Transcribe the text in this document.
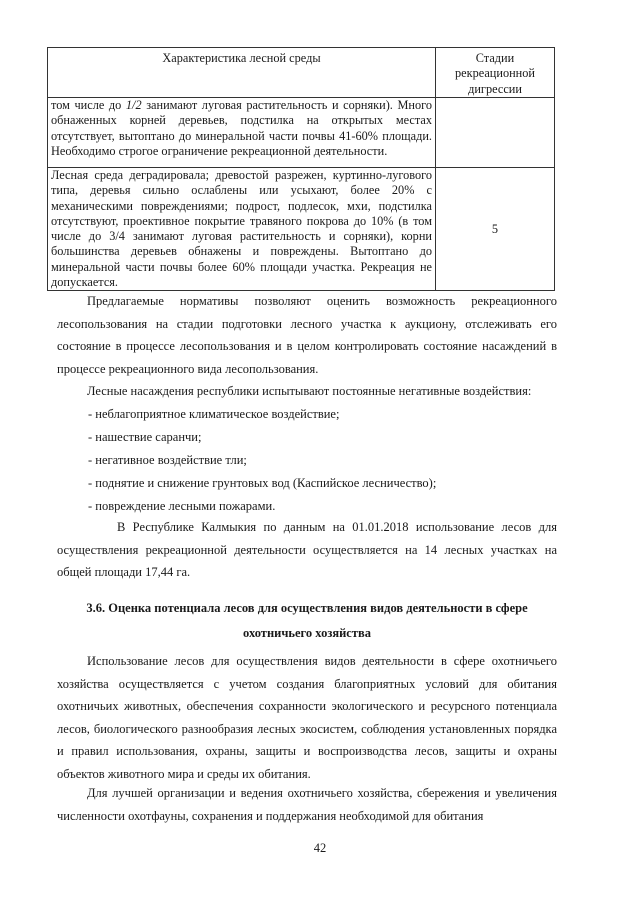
Характеристика лесной среды	Стадии рекреационной дигрессии
том числе до 1/2 занимают луговая растительность и сорняки). Много обнаженных корней деревьев, подстилка на открытых местах отсутствует, вытоптано до минеральной части почвы 41-60% площади. Необходимо строгое ограничение рекреационной деятельности.	
Лесная среда деградировала; древостой разрежен, куртинно-лугового типа, деревья сильно ослаблены или усыхают, более 20% с механическими повреждениями; подрост, подлесок, мхи, подстилка отсутствуют, проективное покрытие травяного покрова до 10% (в том числе до 3/4 занимают луговая растительность и сорняки), корни большинства деревьев обнажены и повреждены. Вытоптано до минеральной части почвы более 60% площади участка. Рекреация не допускается.	5

Предлагаемые нормативы позволяют оценить возможность рекреационного лесопользования на стадии подготовки лесного участка к аукциону, отслеживать его состояние в процессе лесопользования и в целом контролировать состояние насаждений в процессе рекреационного вида лесопользования.

Лесные насаждения республики испытывают постоянные негативные воздействия:

- неблагоприятное климатическое воздействие;

- нашествие саранчи;

- негативное воздействие тли;

- поднятие и снижение грунтовых вод (Каспийское лесничество);

- повреждение лесными пожарами.

В Республике Калмыкия по данным на 01.01.2018 использование лесов для осуществления рекреационной деятельности осуществляется на 14 лесных участках на общей площади 17,44 га.

3.6. Оценка потенциала лесов для осуществления видов деятельности в сфере

охотничьего хозяйства

Использование лесов для осуществления видов деятельности в сфере охотничьего хозяйства осуществляется с учетом создания благоприятных условий для обитания охотничьих животных, обеспечения сохранности экологического и ресурсного потенциала лесов, биологического разнообразия лесных экосистем, соблюдения установленных порядка и правил использования, охраны, защиты и воспроизводства лесов, защиты и охраны объектов животного мира и среды их обитания.

Для лучшей организации и ведения охотничьего хозяйства, сбережения и увеличения численности охотфауны, сохранения и поддержания необходимой для обитания

42
